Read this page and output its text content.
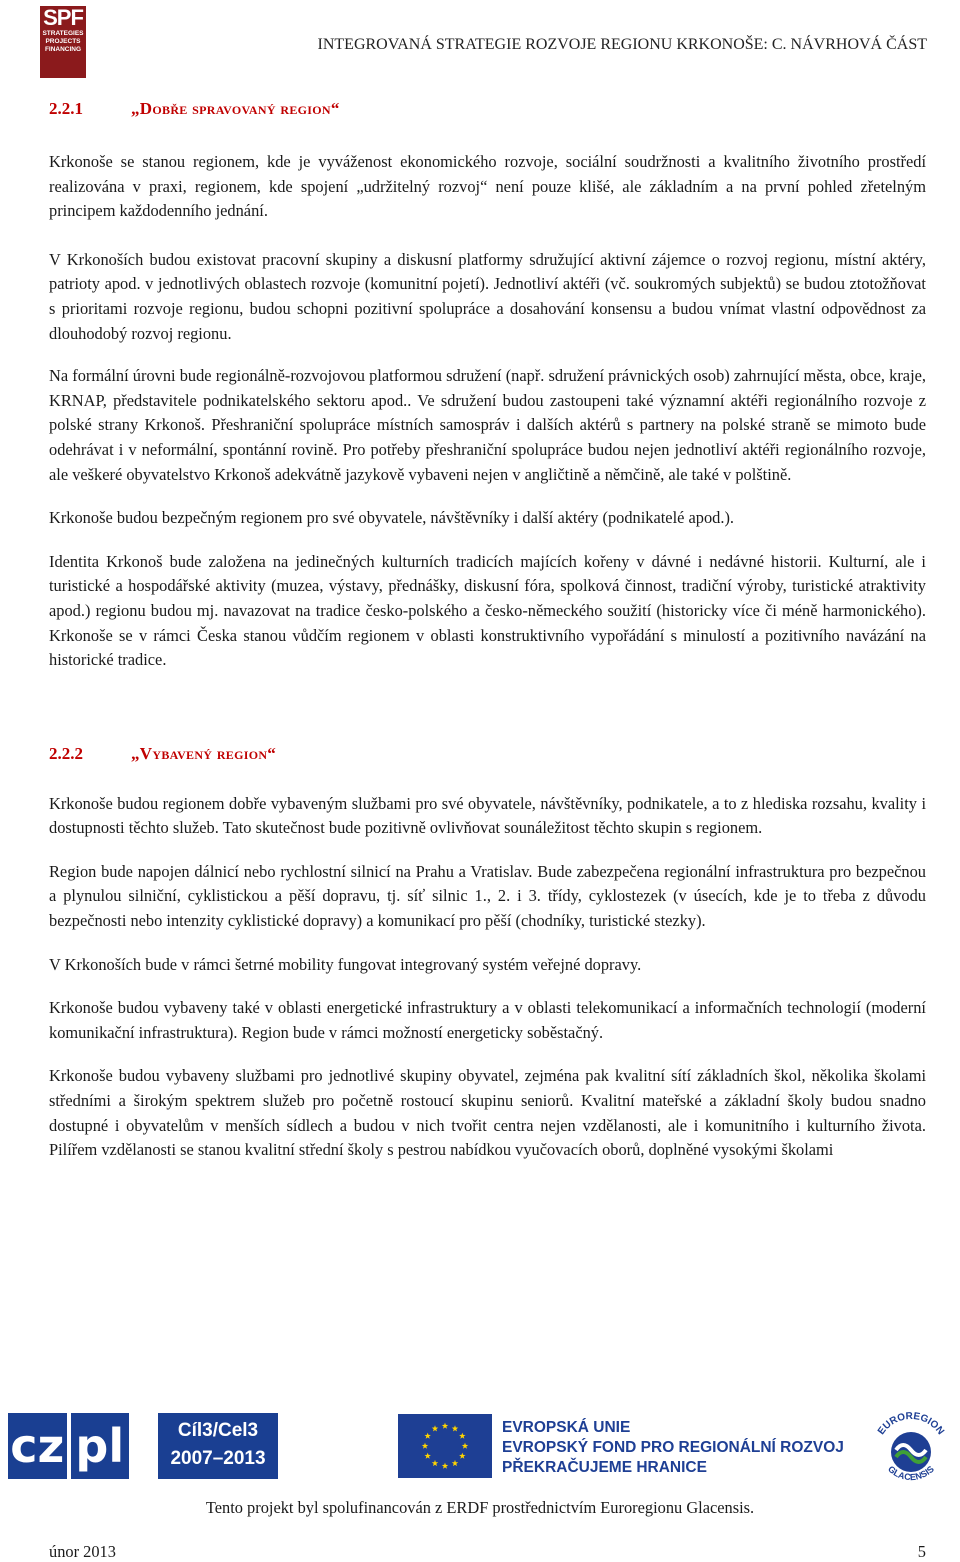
SPF
STRATEGIES
PROJECTS
FINANCING	INTEGROVANÁ STRATEGIE ROZVOJE REGIONU KRKONOŠE: C. NÁVRHOVÁ ČÁST
2.2.1	„Dobře spravovaný region“

Krkonoše se stanou regionem, kde je vyváženost ekonomického rozvoje, sociální soudržnosti a kvalitního životního prostředí realizována v praxi, regionem, kde spojení „udržitelný rozvoj“ není pouze klišé, ale základním a na první pohled zřetelným principem každodenního jednání.

V Krkonoších budou existovat pracovní skupiny a diskusní platformy sdružující aktivní zájemce o rozvoj regionu, místní aktéry, patrioty apod. v jednotlivých oblastech rozvoje (komunitní pojetí). Jednotliví aktéři (vč. soukromých subjektů) se budou ztotožňovat s prioritami rozvoje regionu, budou schopni pozitivní spolupráce a dosahování konsensu a budou vnímat vlastní odpovědnost za dlouhodobý rozvoj regionu.

Na formální úrovni bude regionálně-rozvojovou platformou sdružení (např. sdružení právnických osob) zahrnující města, obce, kraje, KRNAP, představitele podnikatelského sektoru apod.. Ve sdružení budou zastoupeni také významní aktéři regionálního rozvoje z polské strany Krkonoš. Přeshraniční spolupráce místních samospráv i dalších aktérů s partnery na polské straně se mimoto bude odehrávat i v neformální, spontánní rovině. Pro potřeby přeshraniční spolupráce budou nejen jednotliví aktéři regionálního rozvoje, ale veškeré obyvatelstvo Krkonoš adekvátně jazykově vybaveni nejen v angličtině a němčině, ale také v polštině.

Krkonoše budou bezpečným regionem pro své obyvatele, návštěvníky i další aktéry (podnikatelé apod.).

Identita Krkonoš bude založena na jedinečných kulturních tradicích majících kořeny v dávné i nedávné historii. Kulturní, ale i turistické a hospodářské aktivity (muzea, výstavy, přednášky, diskusní fóra, spolková činnost, tradiční výroby, turistické atraktivity apod.) regionu budou mj. navazovat na tradice česko-polského a česko-německého soužití (historicky více či méně harmonického). Krkonoše se v rámci Česka stanou vůdčím regionem v oblasti konstruktivního vypořádání s minulostí a pozitivního navázání na historické tradice.

2.2.2	„Vybavený region“

Krkonoše budou regionem dobře vybaveným službami pro své obyvatele, návštěvníky, podnikatele, a to z hlediska rozsahu, kvality i dostupnosti těchto služeb. Tato skutečnost bude pozitivně ovlivňovat sounáležitost těchto skupin s regionem.

Region bude napojen dálnicí nebo rychlostní silnicí na Prahu a Vratislav. Bude zabezpečena regionální infrastruktura pro bezpečnou a plynulou silniční, cyklistickou a pěší dopravu, tj. síť silnic 1., 2. i 3. třídy, cyklostezek (v úsecích, kde je to třeba z důvodu bezpečnosti nebo intenzity cyklistické dopravy) a komunikací pro pěší (chodníky, turistické stezky).

V Krkonoších bude v rámci šetrné mobility fungovat integrovaný systém veřejné dopravy.

Krkonoše budou vybaveny také v oblasti energetické infrastruktury a v oblasti telekomunikací a informačních technologií (moderní komunikační infrastruktura). Region bude v rámci možností energeticky soběstačný.

Krkonoše budou vybaveny službami pro jednotlivé skupiny obyvatel, zejména pak kvalitní sítí základních škol, několika školami středními a širokým spektrem služeb pro početně rostoucí skupinu seniorů. Kvalitní mateřské a základní školy budou snadno dostupné i obyvatelům v menších sídlech a budou v nich tvořit centra nejen vzdělanosti, ale i komunitního i kulturního života. Pilířem vzdělanosti se stanou kvalitní střední školy s pestrou nabídkou vyučovacích oborů, doplněné vysokými školami

cz pl	Cíl3/Cel3
2007–2013
EVROPSKÁ UNIE
EVROPSKÝ FOND PRO REGIONÁLNÍ ROZVOJ
PŘEKRAČUJEME HRANICE
EUROREGION
GLACENSIS
Tento projekt byl spolufinancován z ERDF prostřednictvím Euroregionu Glacensis.
únor 2013	5
